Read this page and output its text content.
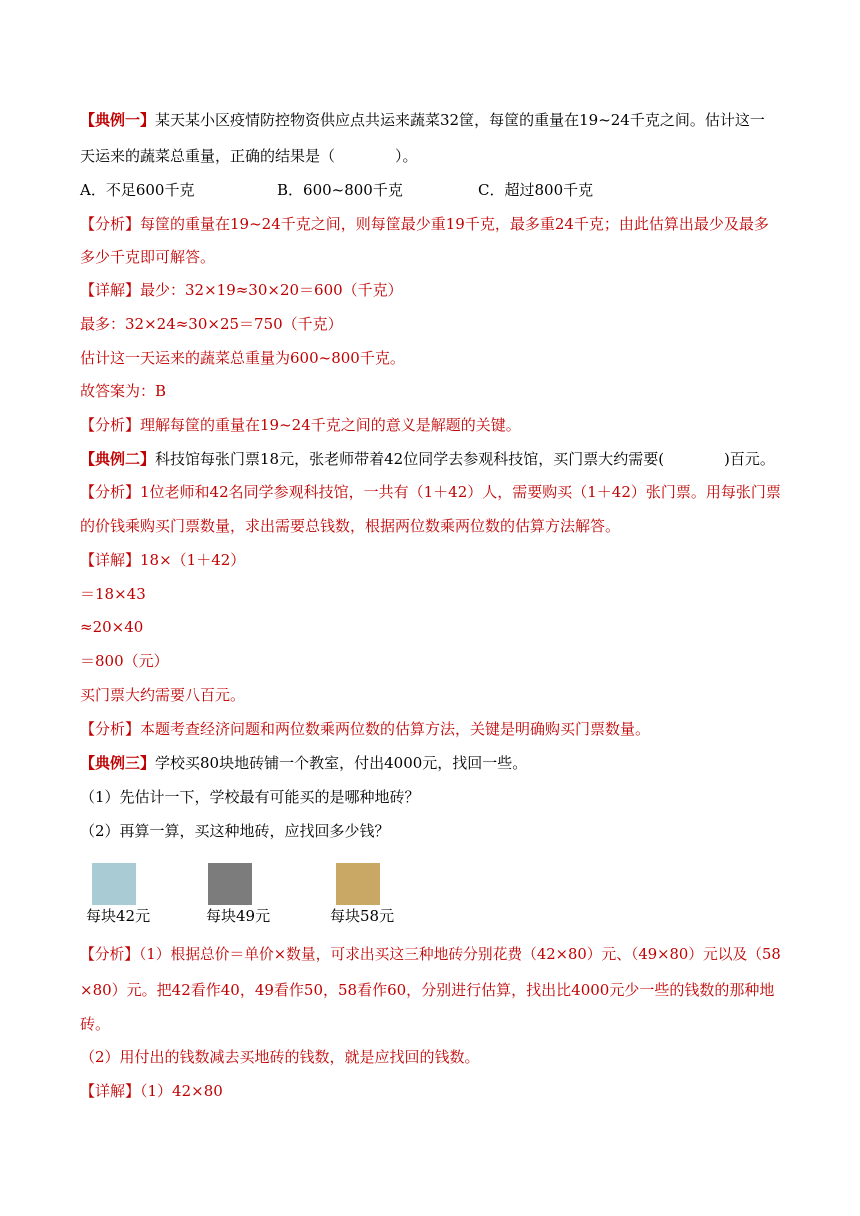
【典例一】某天某小区疫情防控物资供应点共运来蔬菜32筐，每筐的重量在19~24千克之间。估计这一
天运来的蔬菜总重量，正确的结果是（　　　　）。
A．不足600千克	B．600~800千克	C．超过800千克
【分析】每筐的重量在19~24千克之间，则每筐最少重19千克，最多重24千克；由此估算出最少及最多
多少千克即可解答。
【详解】最少：32×19≈30×20＝600（千克）
最多：32×24≈30×25＝750（千克）
估计这一天运来的蔬菜总重量为600~800千克。
故答案为：B
【分析】理解每筐的重量在19~24千克之间的意义是解题的关键。
【典例二】科技馆每张门票18元，张老师带着42位同学去参观科技馆，买门票大约需要(　　　　)百元。
【分析】1位老师和42名同学参观科技馆，一共有（1＋42）人，需要购买（1＋42）张门票。用每张门票
的价钱乘购买门票数量，求出需要总钱数，根据两位数乘两位数的估算方法解答。
【详解】18×（1＋42）
＝18×43
≈20×40
＝800（元）
买门票大约需要八百元。
【分析】本题考查经济问题和两位数乘两位数的估算方法，关键是明确购买门票数量。
【典例三】学校买80块地砖铺一个教室，付出4000元，找回一些。
（1）先估计一下，学校最有可能买的是哪种地砖？
（2）再算一算，买这种地砖，应找回多少钱？
每块42元	每块49元	每块58元
【分析】（1）根据总价＝单价×数量，可求出买这三种地砖分别花费（42×80）元、（49×80）元以及（58
×80）元。把42看作40，49看作50，58看作60，分别进行估算，找出比4000元少一些的钱数的那种地
砖。
（2）用付出的钱数减去买地砖的钱数，就是应找回的钱数。
【详解】（1）42×80
